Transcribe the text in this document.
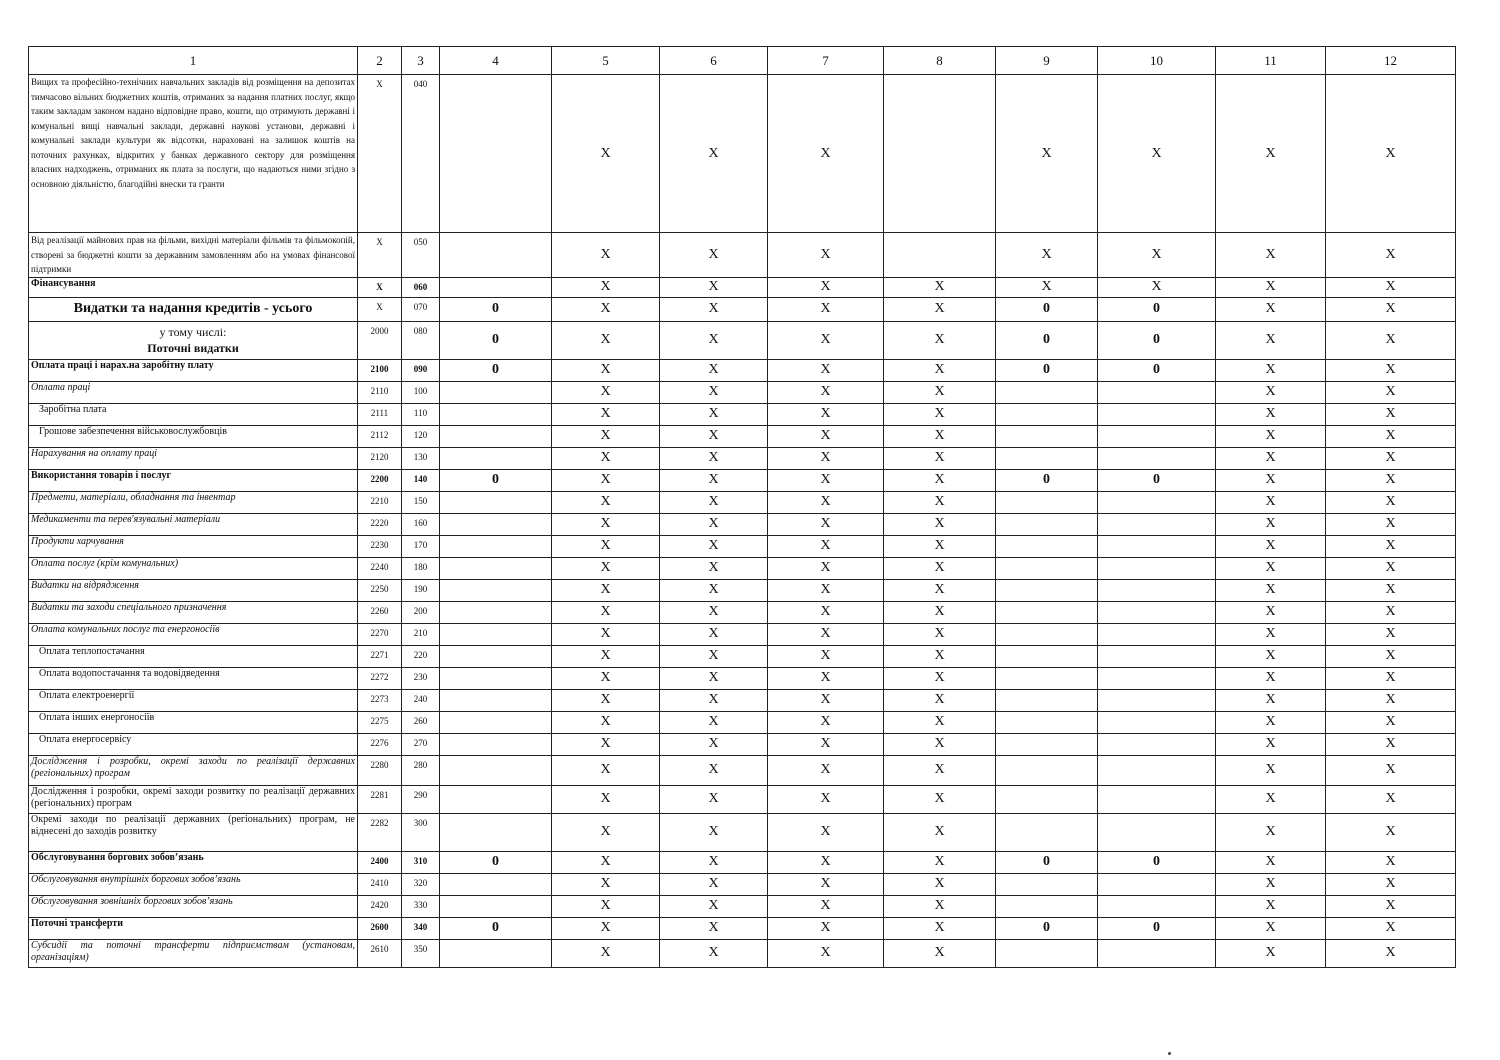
1	2	3	4	5	6	7	8	9	10	11	12
Вищих та професійно-технічних навчальних закладів від розміщення на депозитах тимчасово вільних бюджетних коштів, отриманих за надання платних послуг, якщо таким закладам законом надано відповідне право, кошти, що отримують державні і комунальні вищі навчальні заклади, державні наукові установи, державні і комунальні заклади культури як відсотки, нараховані на залишок коштів на поточних рахунках, відкритих у банках державного сектору для розміщення власних надходжень, отриманих як плата за послуги, що надаються ними згідно з основною діяльністю, благодійні внески та гранти	X	040		X	X	X		X	X	X	X
Від реалізації майнових прав на фільми, вихідні матеріали фільмів та фільмокопій, створені за бюджетні кошти за державним замовленням або на умовах фінансової підтримки	X	050		X	X	X		X	X	X	X
Фінансування	X	060		X	X	X	X	X	X	X	X
Видатки та надання кредитів - усього	X	070	0	X	X	X	X	0	0	X	X

у тому числі:
Поточні видатки	2000	080	0	X	X	X	X	0	0	X	X
Оплата праці і нарах.на заробітну плату	2100	090	0	X	X	X	X	0	0	X	X
Оплата праці	2110	100		X	X	X	X			X	X
Заробітна плата	2111	110		X	X	X	X			X	X
Грошове забезпечення військовослужбовців	2112	120		X	X	X	X			X	X
Нарахування на оплату праці	2120	130		X	X	X	X			X	X
Використання товарів і послуг	2200	140	0	X	X	X	X	0	0	X	X
Предмети, матеріали, обладнання та інвентар	2210	150		X	X	X	X			X	X
Медикаменти та перев'язувальні матеріали	2220	160		X	X	X	X			X	X
Продукти харчування	2230	170		X	X	X	X			X	X
Оплата послуг (крім комунальних)	2240	180		X	X	X	X			X	X
Видатки на відрядження	2250	190		X	X	X	X			X	X
Видатки та заходи спеціального призначення	2260	200		X	X	X	X			X	X
Оплата комунальних послуг та енергоносіїв	2270	210		X	X	X	X			X	X
Оплата теплопостачання	2271	220		X	X	X	X			X	X
Оплата водопостачання та водовідведення	2272	230		X	X	X	X			X	X
Оплата електроенергії	2273	240		X	X	X	X			X	X
Оплата інших енергоносіїв	2275	260		X	X	X	X			X	X
Оплата енергосервісу	2276	270		X	X	X	X			X	X
Дослідження і розробки, окремі заходи по реалізації державних (регіональних) програм	2280	280		X	X	X	X			X	X
Дослідження і розробки, окремі заходи розвитку по реалізації державних (регіональних) програм	2281	290		X	X	X	X			X	X
Окремі заходи по реалізації державних (регіональних) програм, не віднесені до заходів розвитку	2282	300		X	X	X	X			X	X
Обслуговування боргових зобов’язань	2400	310	0	X	X	X	X	0	0	X	X
Обслуговування внутрішніх боргових зобов’язань	2410	320		X	X	X	X			X	X
Обслуговування зовнішніх боргових зобов’язань	2420	330		X	X	X	X			X	X
Поточні трансферти	2600	340	0	X	X	X	X	0	0	X	X
Субсидії та поточні трансферти підприємствам (установам, організаціям)	2610	350		X	X	X	X			X	X
